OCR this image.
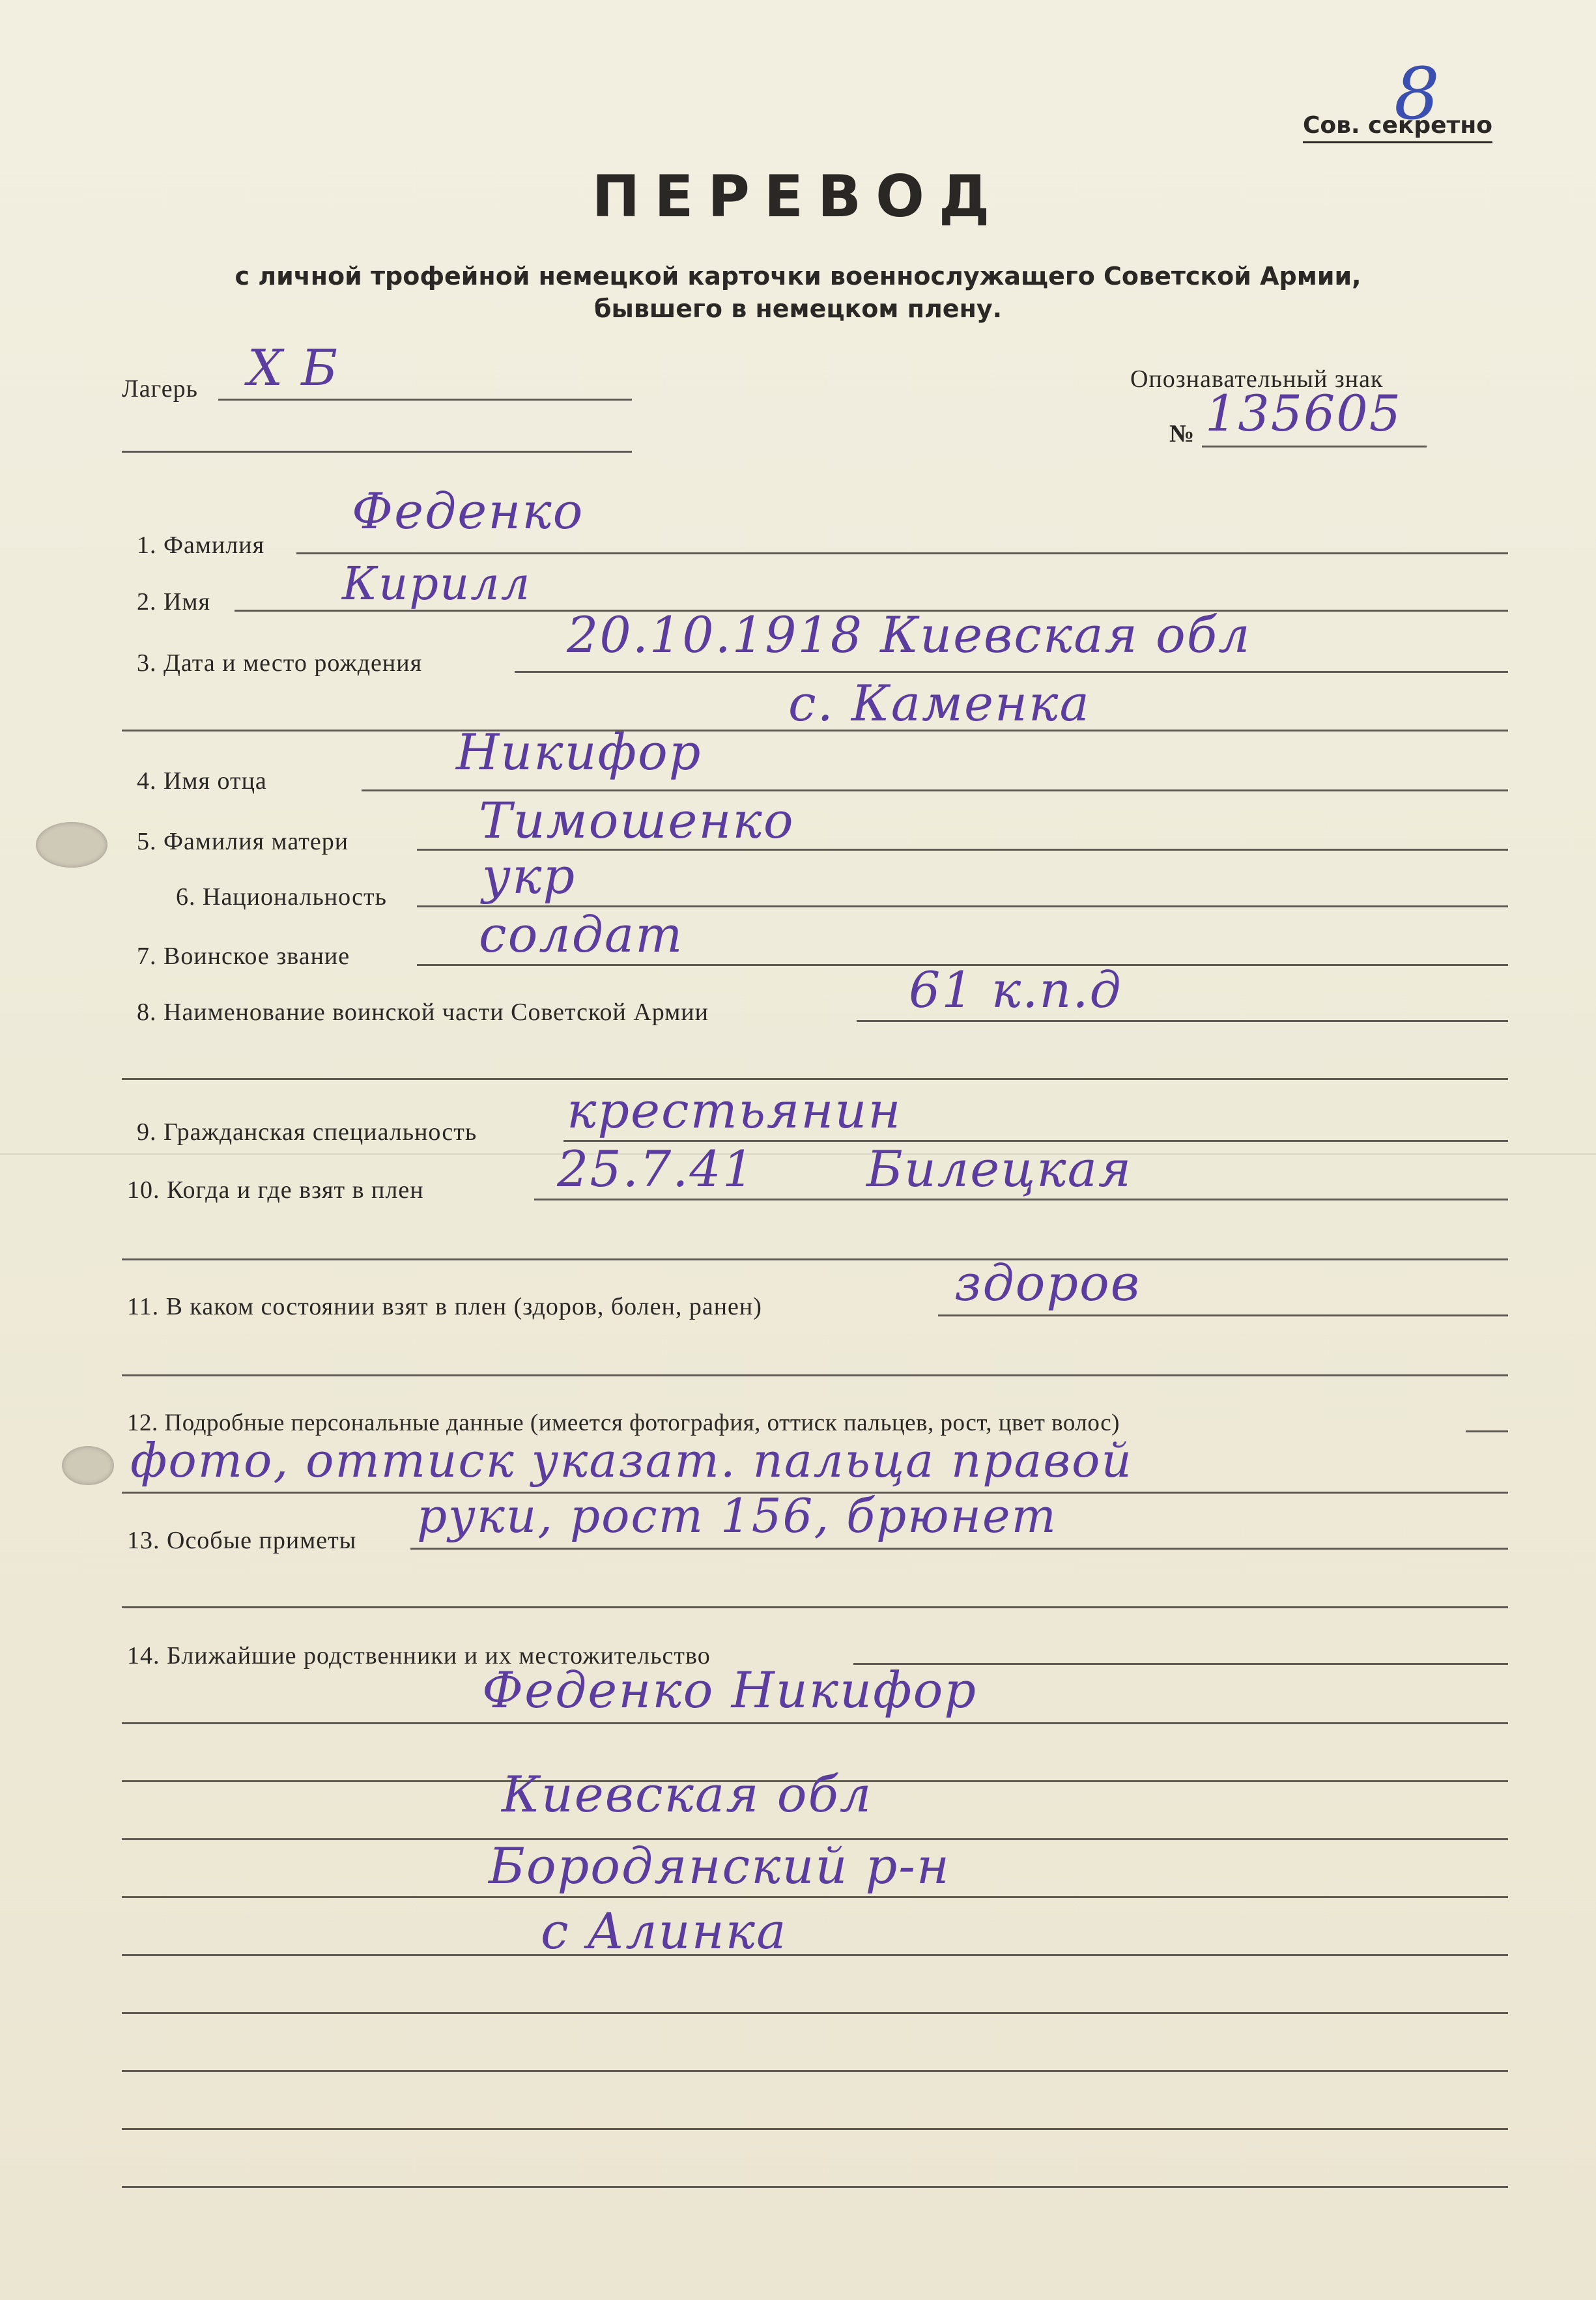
8
Сов. секретно
ПЕРЕВОД
с личной трофейной немецкой карточки военнослужащего Советской Армии,
бывшего в немецком плену.
Лагерь Х Б	Опознавательный знак
№ 135605
1. Фамилия
Феденко
2. Имя	Кирилл
3. Дата и место рождения	20.10.1918 Киевская обл
с. Каменка
4. Имя отца	Никифор
5. Фамилия матери	Тимошенко
6. Национальность укр
7. Воинское звание	солдат
8. Наименование воинской части Советской Армии	61 к.п.д
9. Гражданская специальность крестьянин
10. Когда и где взят в плен	25.7.41 Билецкая
11. В каком состоянии взят в плен (здоров, болен, ранен)	здоров
12. Подробные персональные данные (имеется фотография, оттиск пальцев, рост, цвет волос)
фото, оттиск указат. пальца правой
13. Особые приметы руки, рост 156, брюнет
14. Ближайшие родственники и их местожительство
Феденко Никифор
Киевская обл
Бородянский р-н
с Алинка
